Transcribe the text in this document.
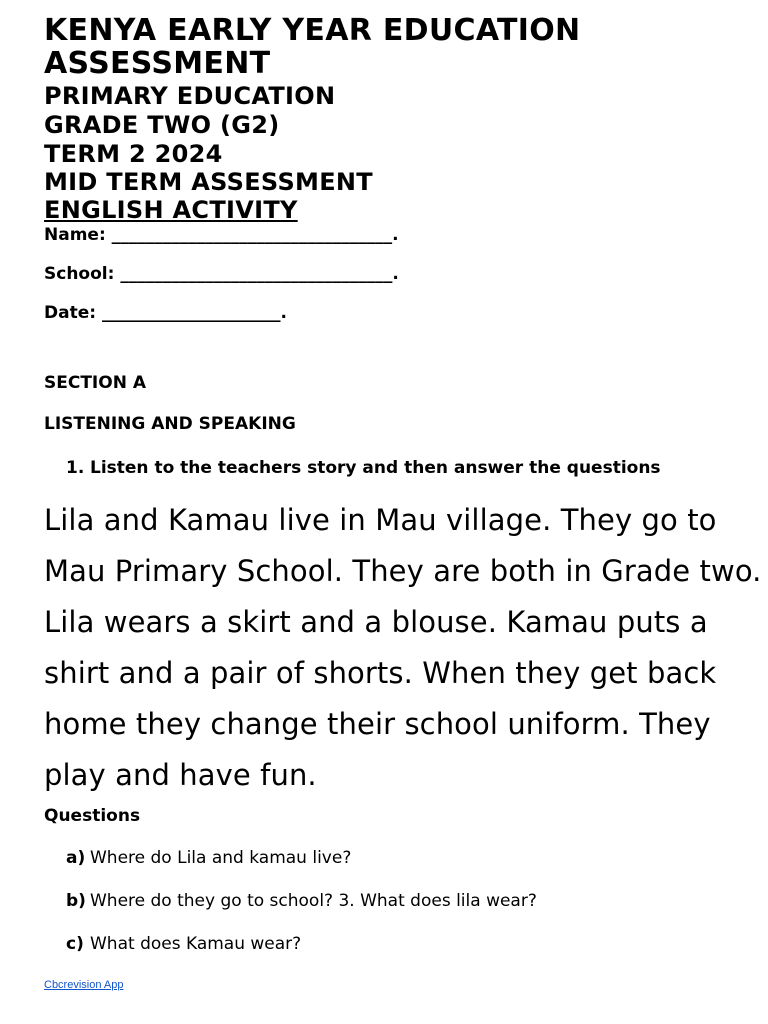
KENYA EARLY YEAR EDUCATION ASSESSMENT
PRIMARY EDUCATION
GRADE TWO (G2)
TERM 2 2024
MID TERM ASSESSMENT
ENGLISH ACTIVITY
Name: _________________________________.
School: ________________________________.
Date: _____________________.
SECTION A
LISTENING AND SPEAKING
1. Listen to the teachers story and then answer the questions
Lila and Kamau live in Mau village. They go to Mau Primary School. They are both in Grade two. Lila wears a skirt and a blouse. Kamau puts a shirt and a pair of shorts. When they get back home they change their school uniform. They play and have fun.
Questions
a) Where do Lila and kamau live?
b) Where do they go to school? 3. What does lila wear?
c) What does Kamau wear?
Cbcrevision App
